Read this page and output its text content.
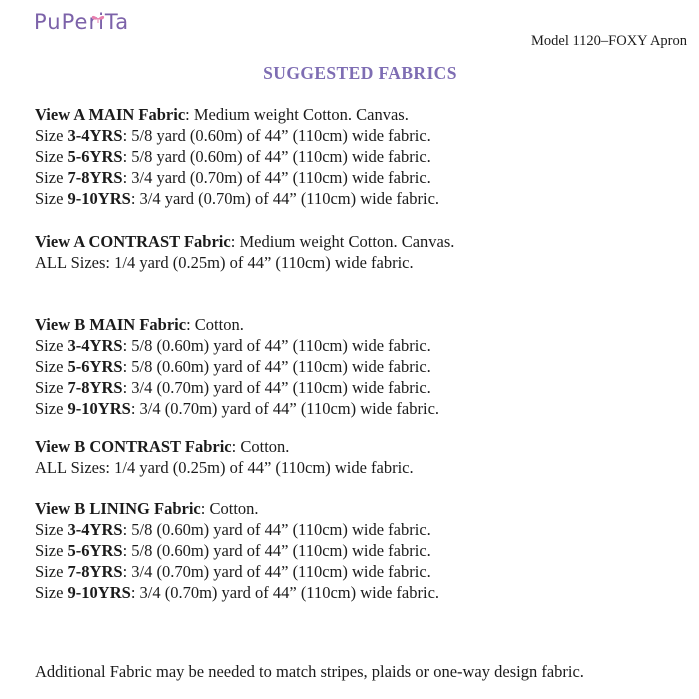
PuPeriTa
Model 1120–FOXY Apron
SUGGESTED FABRICS

View A MAIN Fabric: Medium weight Cotton. Canvas.

Size 3-4YRS: 5/8 yard (0.60m) of 44” (110cm) wide fabric.

Size 5-6YRS: 5/8 yard (0.60m) of 44” (110cm) wide fabric.

Size 7-8YRS: 3/4 yard (0.70m) of 44” (110cm) wide fabric.

Size 9-10YRS: 3/4 yard (0.70m) of 44” (110cm) wide fabric.

View A CONTRAST Fabric: Medium weight Cotton. Canvas.

ALL Sizes: 1/4 yard (0.25m) of 44” (110cm) wide fabric.

View B MAIN Fabric: Cotton.

Size 3-4YRS: 5/8 (0.60m) yard of 44” (110cm) wide fabric.

Size 5-6YRS: 5/8 (0.60m) yard of 44” (110cm) wide fabric.

Size 7-8YRS: 3/4 (0.70m) yard of 44” (110cm) wide fabric.

Size 9-10YRS: 3/4 (0.70m) yard of 44” (110cm) wide fabric.

View B CONTRAST Fabric: Cotton.

ALL Sizes: 1/4 yard (0.25m) of 44” (110cm) wide fabric.

View B LINING Fabric: Cotton.

Size 3-4YRS: 5/8 (0.60m) yard of 44” (110cm) wide fabric.

Size 5-6YRS: 5/8 (0.60m) yard of 44” (110cm) wide fabric.

Size 7-8YRS: 3/4 (0.70m) yard of 44” (110cm) wide fabric.

Size 9-10YRS: 3/4 (0.70m) yard of 44” (110cm) wide fabric.

Additional Fabric may be needed to match stripes, plaids or one-way design fabric.
